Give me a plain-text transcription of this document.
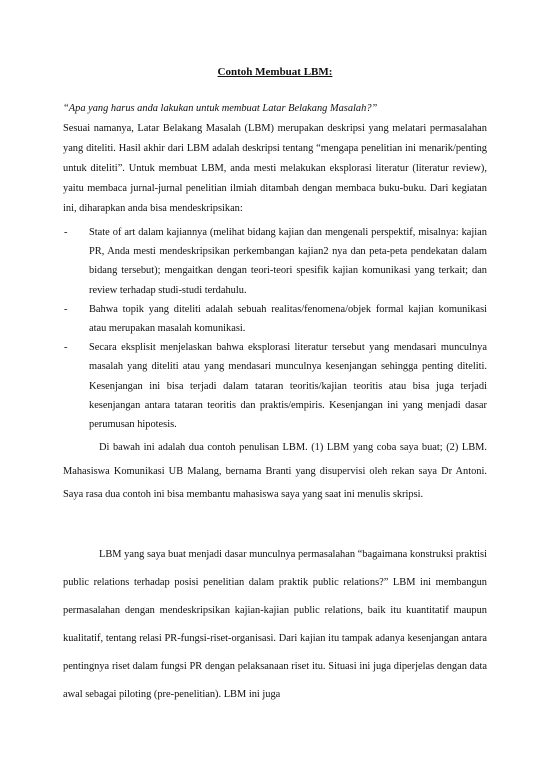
Contoh Membuat LBM:

“Apa yang harus anda lakukan untuk membuat Latar Belakang Masalah?”

Sesuai namanya, Latar Belakang Masalah (LBM) merupakan deskripsi yang melatari permasalahan yang diteliti. Hasil akhir dari LBM adalah deskripsi tentang “mengapa penelitian ini menarik/penting untuk diteliti”. Untuk membuat LBM, anda mesti melakukan eksplorasi literatur (literatur review), yaitu membaca jurnal-jurnal penelitian ilmiah ditambah dengan membaca buku-buku. Dari kegiatan ini, diharapkan anda bisa mendeskripsikan:

- State of art dalam kajiannya (melihat bidang kajian dan mengenali perspektif, misalnya: kajian PR, Anda mesti mendeskripsikan perkembangan kajian2 nya dan peta-peta pendekatan dalam bidang tersebut); mengaitkan dengan teori-teori spesifik kajian komunikasi yang terkait; dan review terhadap studi-studi terdahulu.
- Bahwa topik yang diteliti adalah sebuah realitas/fenomena/objek formal kajian komunikasi atau merupakan masalah komunikasi.
- Secara eksplisit menjelaskan bahwa eksplorasi literatur tersebut yang mendasari munculnya masalah yang diteliti atau yang mendasari munculnya kesenjangan sehingga penting diteliti. Kesenjangan ini bisa terjadi dalam tataran teoritis/kajian teoritis atau bisa juga terjadi kesenjangan antara tataran teoritis dan praktis/empiris. Kesenjangan ini yang menjadi dasar perumusan hipotesis.

Di bawah ini adalah dua contoh penulisan LBM. (1) LBM yang coba saya buat; (2) LBM. Mahasiswa Komunikasi UB Malang, bernama Branti yang disupervisi oleh rekan saya Dr Antoni. Saya rasa dua contoh ini bisa membantu mahasiswa saya yang saat ini menulis skripsi.

LBM yang saya buat menjadi dasar munculnya permasalahan “bagaimana konstruksi praktisi public relations terhadap posisi penelitian dalam praktik public relations?” LBM ini membangun permasalahan dengan mendeskripsikan kajian-kajian public relations, baik itu kuantitatif maupun kualitatif, tentang relasi PR-fungsi-riset-organisasi. Dari kajian itu tampak adanya kesenjangan antara pentingnya riset dalam fungsi PR dengan pelaksanaan riset itu. Situasi ini juga diperjelas dengan data awal sebagai piloting (pre-penelitian). LBM ini juga
